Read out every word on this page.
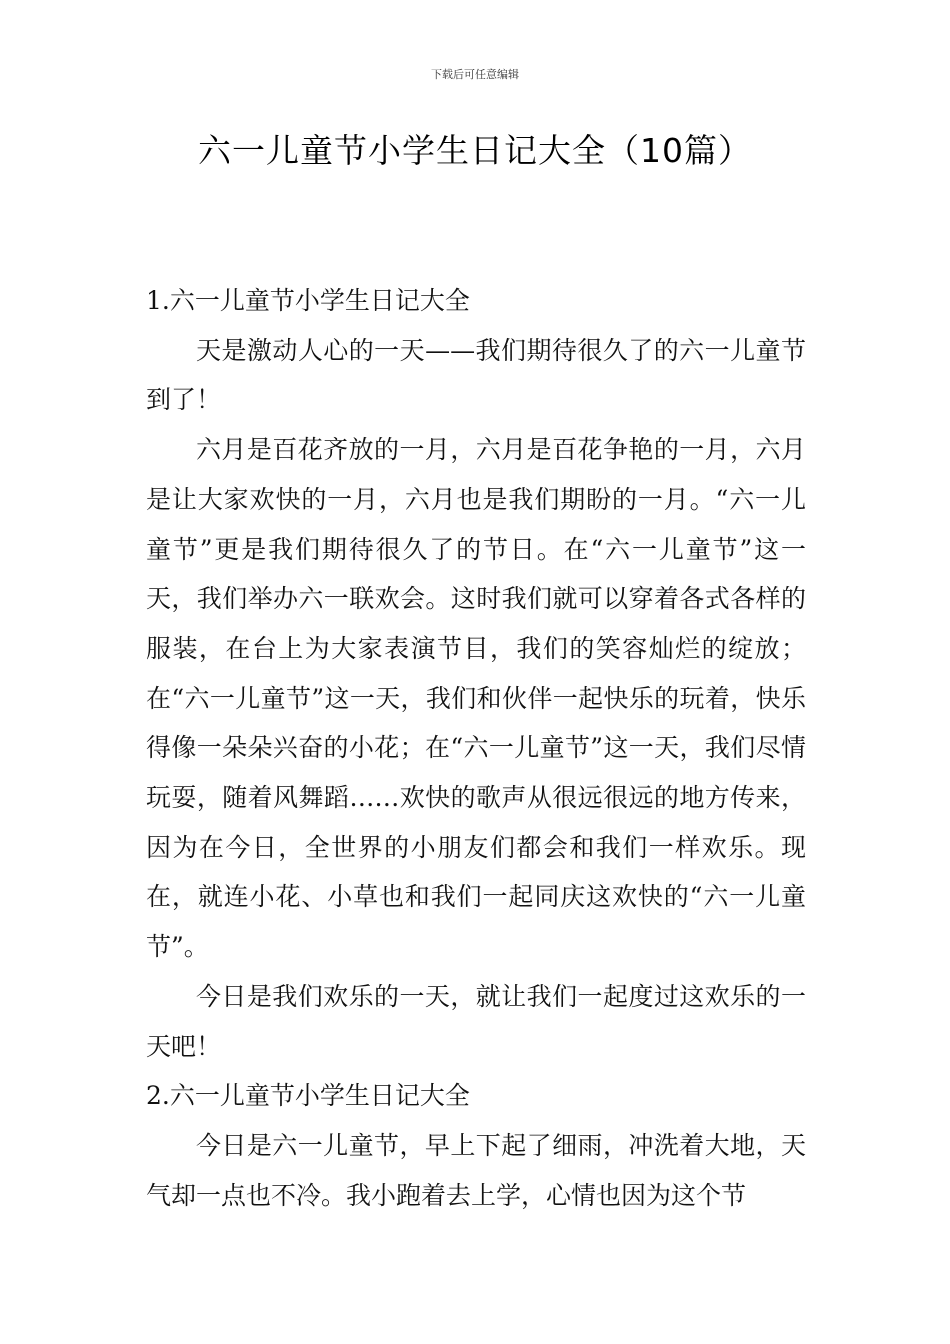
下载后可任意编辑
六一儿童节小学生日记大全（10篇）

1.六一儿童节小学生日记大全

天是激动人心的一天——我们期待很久了的六一儿童节到了！

六月是百花齐放的一月，六月是百花争艳的一月，六月是让大家欢快的一月，六月也是我们期盼的一月。“六一儿童节”更是我们期待很久了的节日。在“六一儿童节”这一天，我们举办六一联欢会。这时我们就可以穿着各式各样的服装，在台上为大家表演节目，我们的笑容灿烂的绽放；在“六一儿童节”这一天，我们和伙伴一起快乐的玩着，快乐得像一朵朵兴奋的小花；在“六一儿童节”这一天，我们尽情玩耍，随着风舞蹈……欢快的歌声从很远很远的地方传来，因为在今日，全世界的小朋友们都会和我们一样欢乐。现在，就连小花、小草也和我们一起同庆这欢快的“六一儿童节”。

今日是我们欢乐的一天，就让我们一起度过这欢乐的一天吧！

2.六一儿童节小学生日记大全

今日是六一儿童节，早上下起了细雨，冲洗着大地，天气却一点也不冷。我小跑着去上学，心情也因为这个节
